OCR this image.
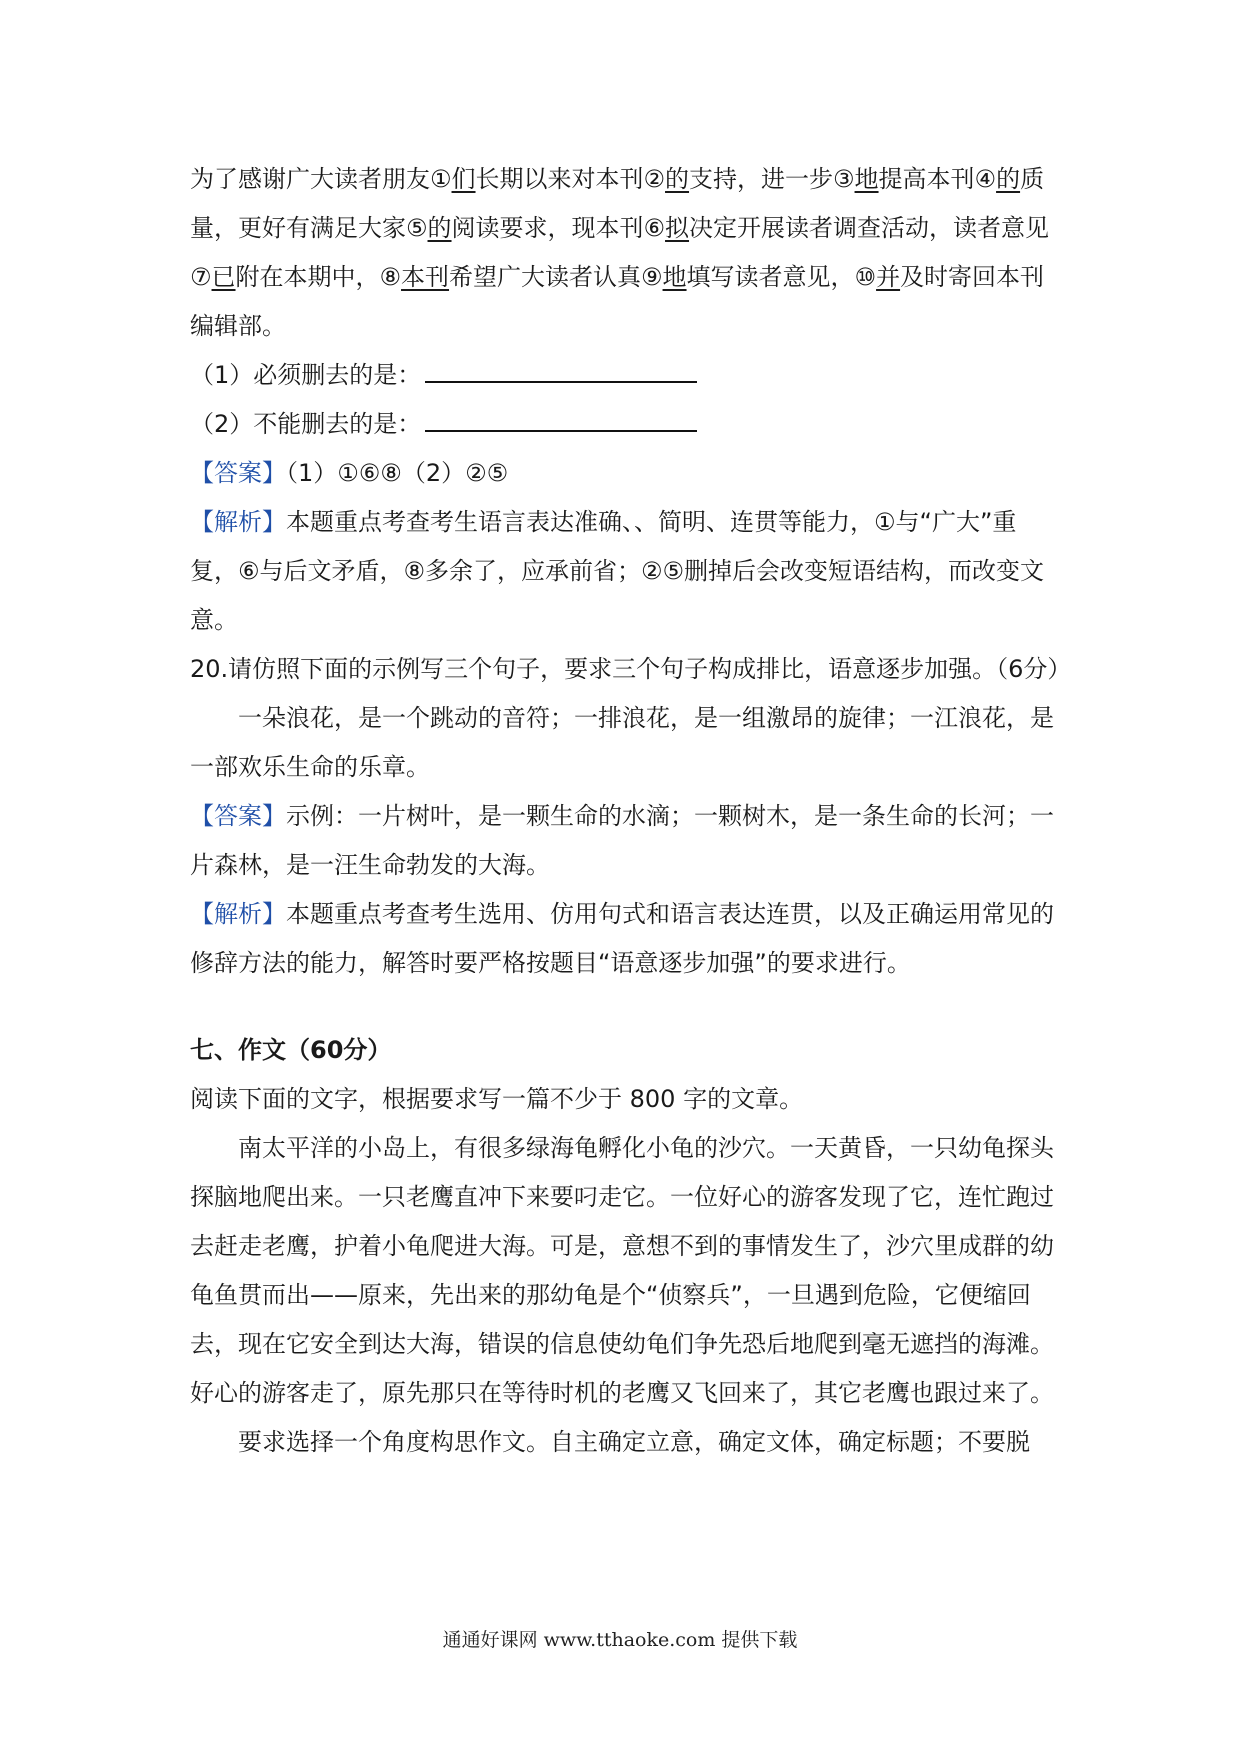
为了感谢广大读者朋友①们长期以来对本刊②的支持，进一步③地提高本刊④的质量，更好有满足大家⑤的阅读要求，现本刊⑥拟决定开展读者调查活动，读者意见⑦已附在本期中，⑧本刊希望广大读者认真⑨地填写读者意见，⑩并及时寄回本刊编辑部。

（1）必须删去的是：

（2）不能删去的是：

【答案】（1）①⑥⑧（2）②⑤

【解析】本题重点考查考生语言表达准确、、简明、连贯等能力，①与“广大”重复，⑥与后文矛盾，⑧多余了，应承前省；②⑤删掉后会改变短语结构，而改变文意。

20.请仿照下面的示例写三个句子，要求三个句子构成排比，语意逐步加强。（6分）

一朵浪花，是一个跳动的音符；一排浪花，是一组激昂的旋律；一江浪花，是一部欢乐生命的乐章。

【答案】示例：一片树叶，是一颗生命的水滴；一颗树木，是一条生命的长河；一片森林，是一汪生命勃发的大海。

【解析】本题重点考查考生选用、仿用句式和语言表达连贯，以及正确运用常见的修辞方法的能力，解答时要严格按题目“语意逐步加强”的要求进行。

七、作文（60分）

阅读下面的文字，根据要求写一篇不少于 800 字的文章。

南太平洋的小岛上，有很多绿海龟孵化小龟的沙穴。一天黄昏，一只幼龟探头探脑地爬出来。一只老鹰直冲下来要叼走它。一位好心的游客发现了它，连忙跑过去赶走老鹰，护着小龟爬进大海。可是，意想不到的事情发生了，沙穴里成群的幼龟鱼贯而出——原来，先出来的那幼龟是个“侦察兵”，一旦遇到危险，它便缩回去，现在它安全到达大海，错误的信息使幼龟们争先恐后地爬到毫无遮挡的海滩。好心的游客走了，原先那只在等待时机的老鹰又飞回来了，其它老鹰也跟过来了。

要求选择一个角度构思作文。自主确定立意，确定文体，确定标题；不要脱

通通好课网 www.tthaoke.com 提供下载
